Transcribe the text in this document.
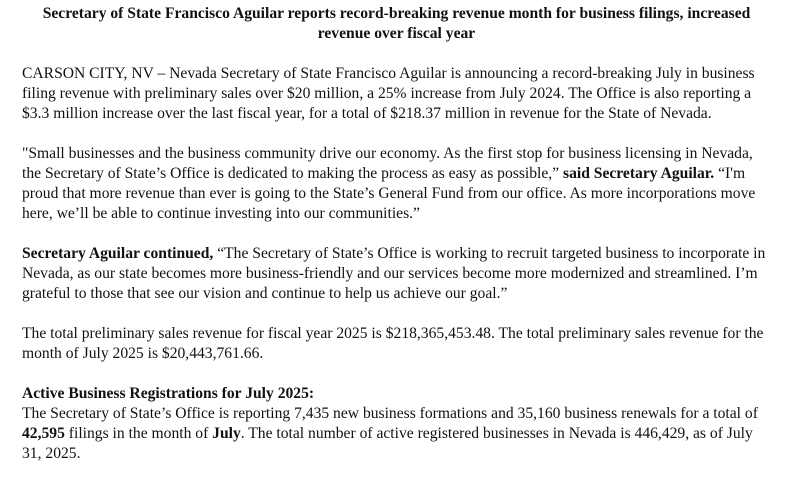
Secretary of State Francisco Aguilar reports record-breaking revenue month for business filings, increased revenue over fiscal year

CARSON CITY, NV – Nevada Secretary of State Francisco Aguilar is announcing a record-breaking July in business filing revenue with preliminary sales over $20 million, a 25% increase from July 2024. The Office is also reporting a $3.3 million increase over the last fiscal year, for a total of $218.37 million in revenue for the State of Nevada.

"Small businesses and the business community drive our economy. As the first stop for business licensing in Nevada, the Secretary of State’s Office is dedicated to making the process as easy as possible,” said Secretary Aguilar. “I'm proud that more revenue than ever is going to the State’s General Fund from our office. As more incorporations move here, we’ll be able to continue investing into our communities.”

Secretary Aguilar continued, “The Secretary of State’s Office is working to recruit targeted business to incorporate in Nevada, as our state becomes more business-friendly and our services become more modernized and streamlined. I’m grateful to those that see our vision and continue to help us achieve our goal.”

The total preliminary sales revenue for fiscal year 2025 is $218,365,453.48. The total preliminary sales revenue for the month of July 2025 is $20,443,761.66.

Active Business Registrations for July 2025:

The Secretary of State’s Office is reporting 7,435 new business formations and 35,160 business renewals for a total of 42,595 filings in the month of July. The total number of active registered businesses in Nevada is 446,429, as of July 31, 2025.
